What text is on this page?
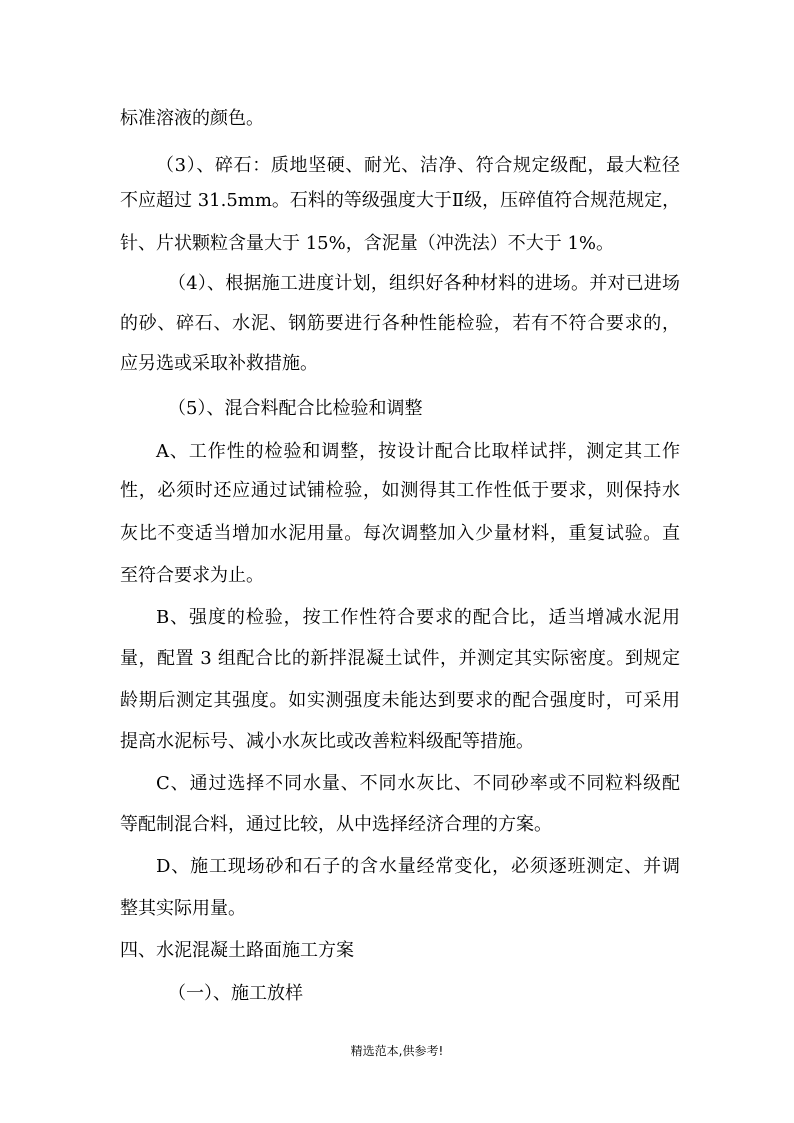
标准溶液的颜色。
（3）、碎石：质地坚硬、耐光、洁净、符合规定级配，最大粒径
不应超过 31.5mm。石料的等级强度大于Ⅱ级，压碎值符合规范规定，
针、片状颗粒含量大于 15%，含泥量（冲洗法）不大于 1%。
（4）、根据施工进度计划，组织好各种材料的进场。并对已进场
的砂、碎石、水泥、钢筋要进行各种性能检验，若有不符合要求的，
应另选或采取补救措施。
（5）、混合料配合比检验和调整
A、工作性的检验和调整，按设计配合比取样试拌，测定其工作
性，必须时还应通过试铺检验，如测得其工作性低于要求，则保持水
灰比不变适当增加水泥用量。每次调整加入少量材料，重复试验。直
至符合要求为止。
B、强度的检验，按工作性符合要求的配合比，适当增减水泥用
量，配置 3 组配合比的新拌混凝土试件，并测定其实际密度。到规定
龄期后测定其强度。如实测强度未能达到要求的配合强度时，可采用
提高水泥标号、减小水灰比或改善粒料级配等措施。
C、通过选择不同水量、不同水灰比、不同砂率或不同粒料级配
等配制混合料，通过比较，从中选择经济合理的方案。
D、施工现场砂和石子的含水量经常变化，必须逐班测定、并调
整其实际用量。
四、水泥混凝土路面施工方案
（一）、施工放样
精选范本,供参考!
